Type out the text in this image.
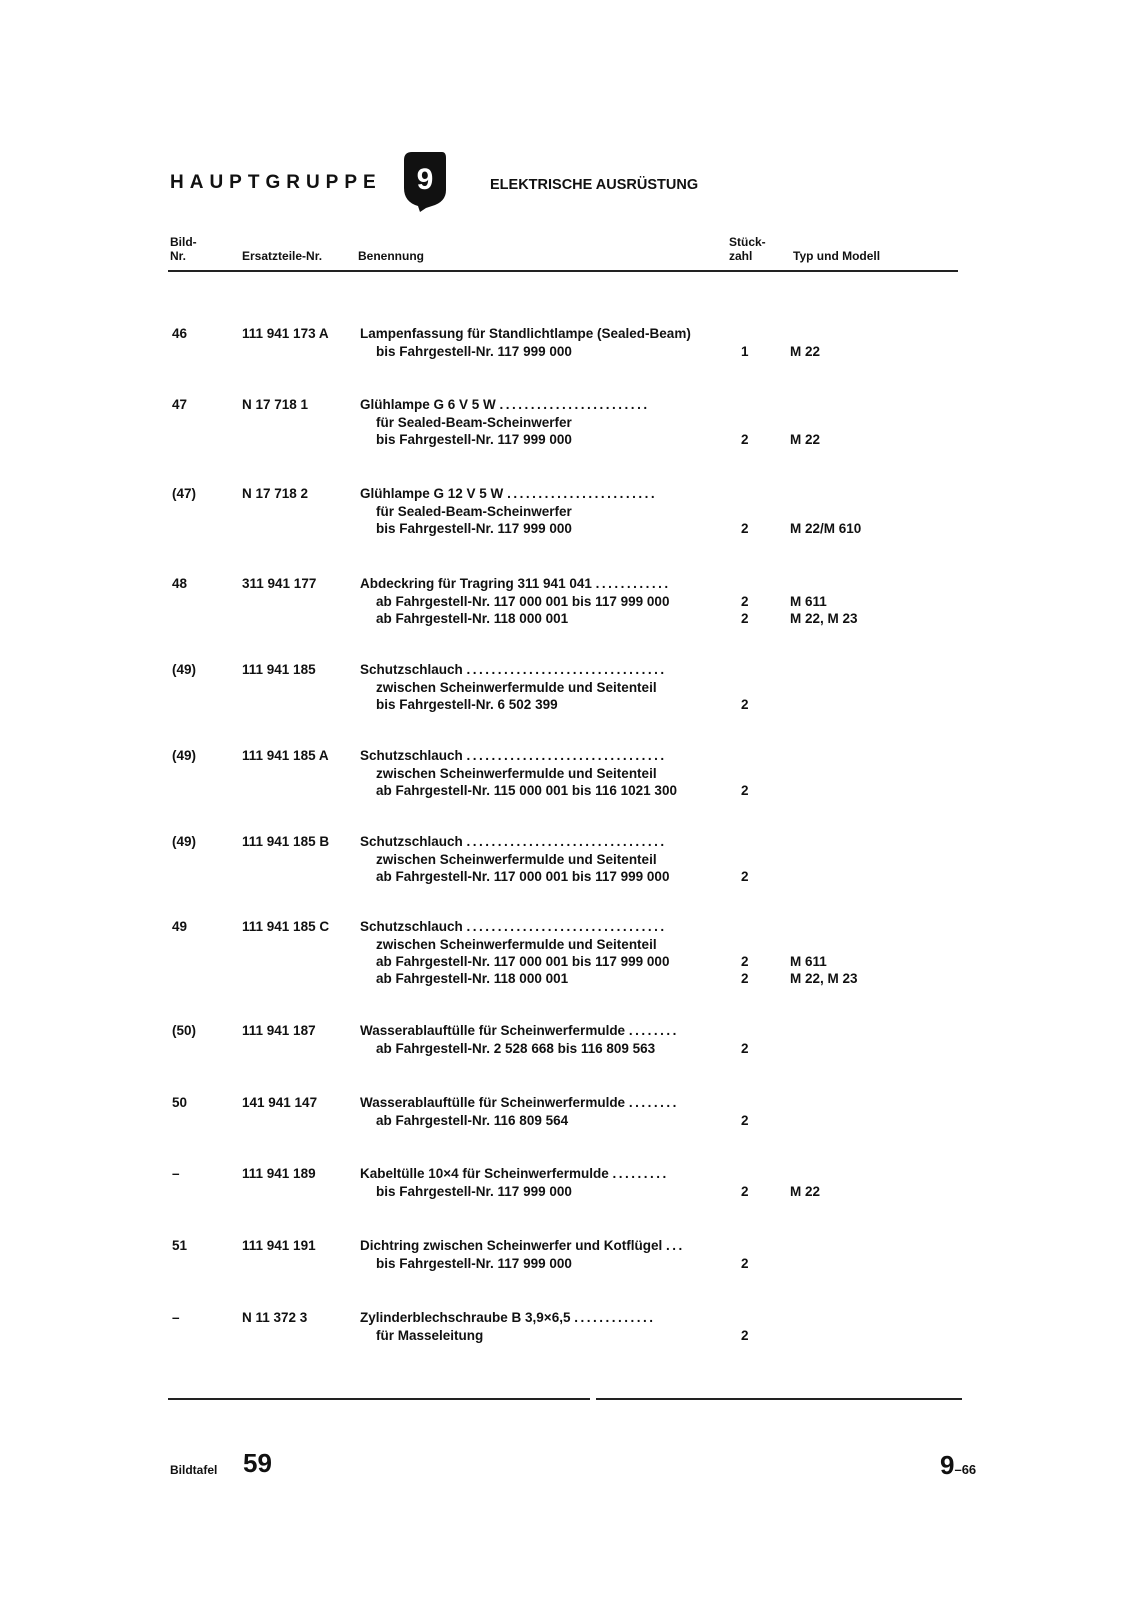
HAUPTGRUPPE 9	ELEKTRISCHE AUSRÜSTUNG
Bild-
Nr.	Ersatzteile-Nr.	Benennung
Stück-
zahl	Typ und Modell
46	111 941 173 A Lampenfassung für Standlichtlampe (Sealed-Beam)
bis Fahrgestell-Nr. 117 999 000	1	M 22
47	N 17 718 1	Glühlampe G 6 V 5 W ........................
für Sealed-Beam-Scheinwerfer
bis Fahrgestell-Nr. 117 999 000	2	M 22
(47)	N 17 718 2	Glühlampe G 12 V 5 W ........................
für Sealed-Beam-Scheinwerfer
bis Fahrgestell-Nr. 117 999 000	2	M 22/M 610
48	311 941 177	Abdeckring für Tragring 311 941 041 ............
ab Fahrgestell-Nr. 117 000 001 bis 117 999 000	2	M 611
ab Fahrgestell-Nr. 118 000 001	2	M 22, M 23
(49)	111 941 185	Schutzschlauch ................................
zwischen Scheinwerfermulde und Seitenteil
bis Fahrgestell-Nr. 6 502 399	2
(49)	111 941 185 A Schutzschlauch ................................
zwischen Scheinwerfermulde und Seitenteil
ab Fahrgestell-Nr. 115 000 001 bis 116 1021 300	2
(49)	111 941 185 B Schutzschlauch ................................
zwischen Scheinwerfermulde und Seitenteil
ab Fahrgestell-Nr. 117 000 001 bis 117 999 000	2
49	111 941 185 C Schutzschlauch ................................
zwischen Scheinwerfermulde und Seitenteil
ab Fahrgestell-Nr. 117 000 001 bis 117 999 000	2	M 611
ab Fahrgestell-Nr. 118 000 001	2	M 22, M 23
(50)	111 941 187	Wasserablauftülle für Scheinwerfermulde ........
ab Fahrgestell-Nr. 2 528 668 bis 116 809 563	2
50	141 941 147	Wasserablauftülle für Scheinwerfermulde ........
ab Fahrgestell-Nr. 116 809 564	2
–	111 941 189	Kabeltülle 10×4 für Scheinwerfermulde .........
bis Fahrgestell-Nr. 117 999 000	2	M 22
51	111 941 191	Dichtring zwischen Scheinwerfer und Kotflügel ...
bis Fahrgestell-Nr. 117 999 000	2
–	N 11 372 3	Zylinderblechschraube B 3,9×6,5 .............
für Masseleitung	2
Bildtafel 59	9–66
